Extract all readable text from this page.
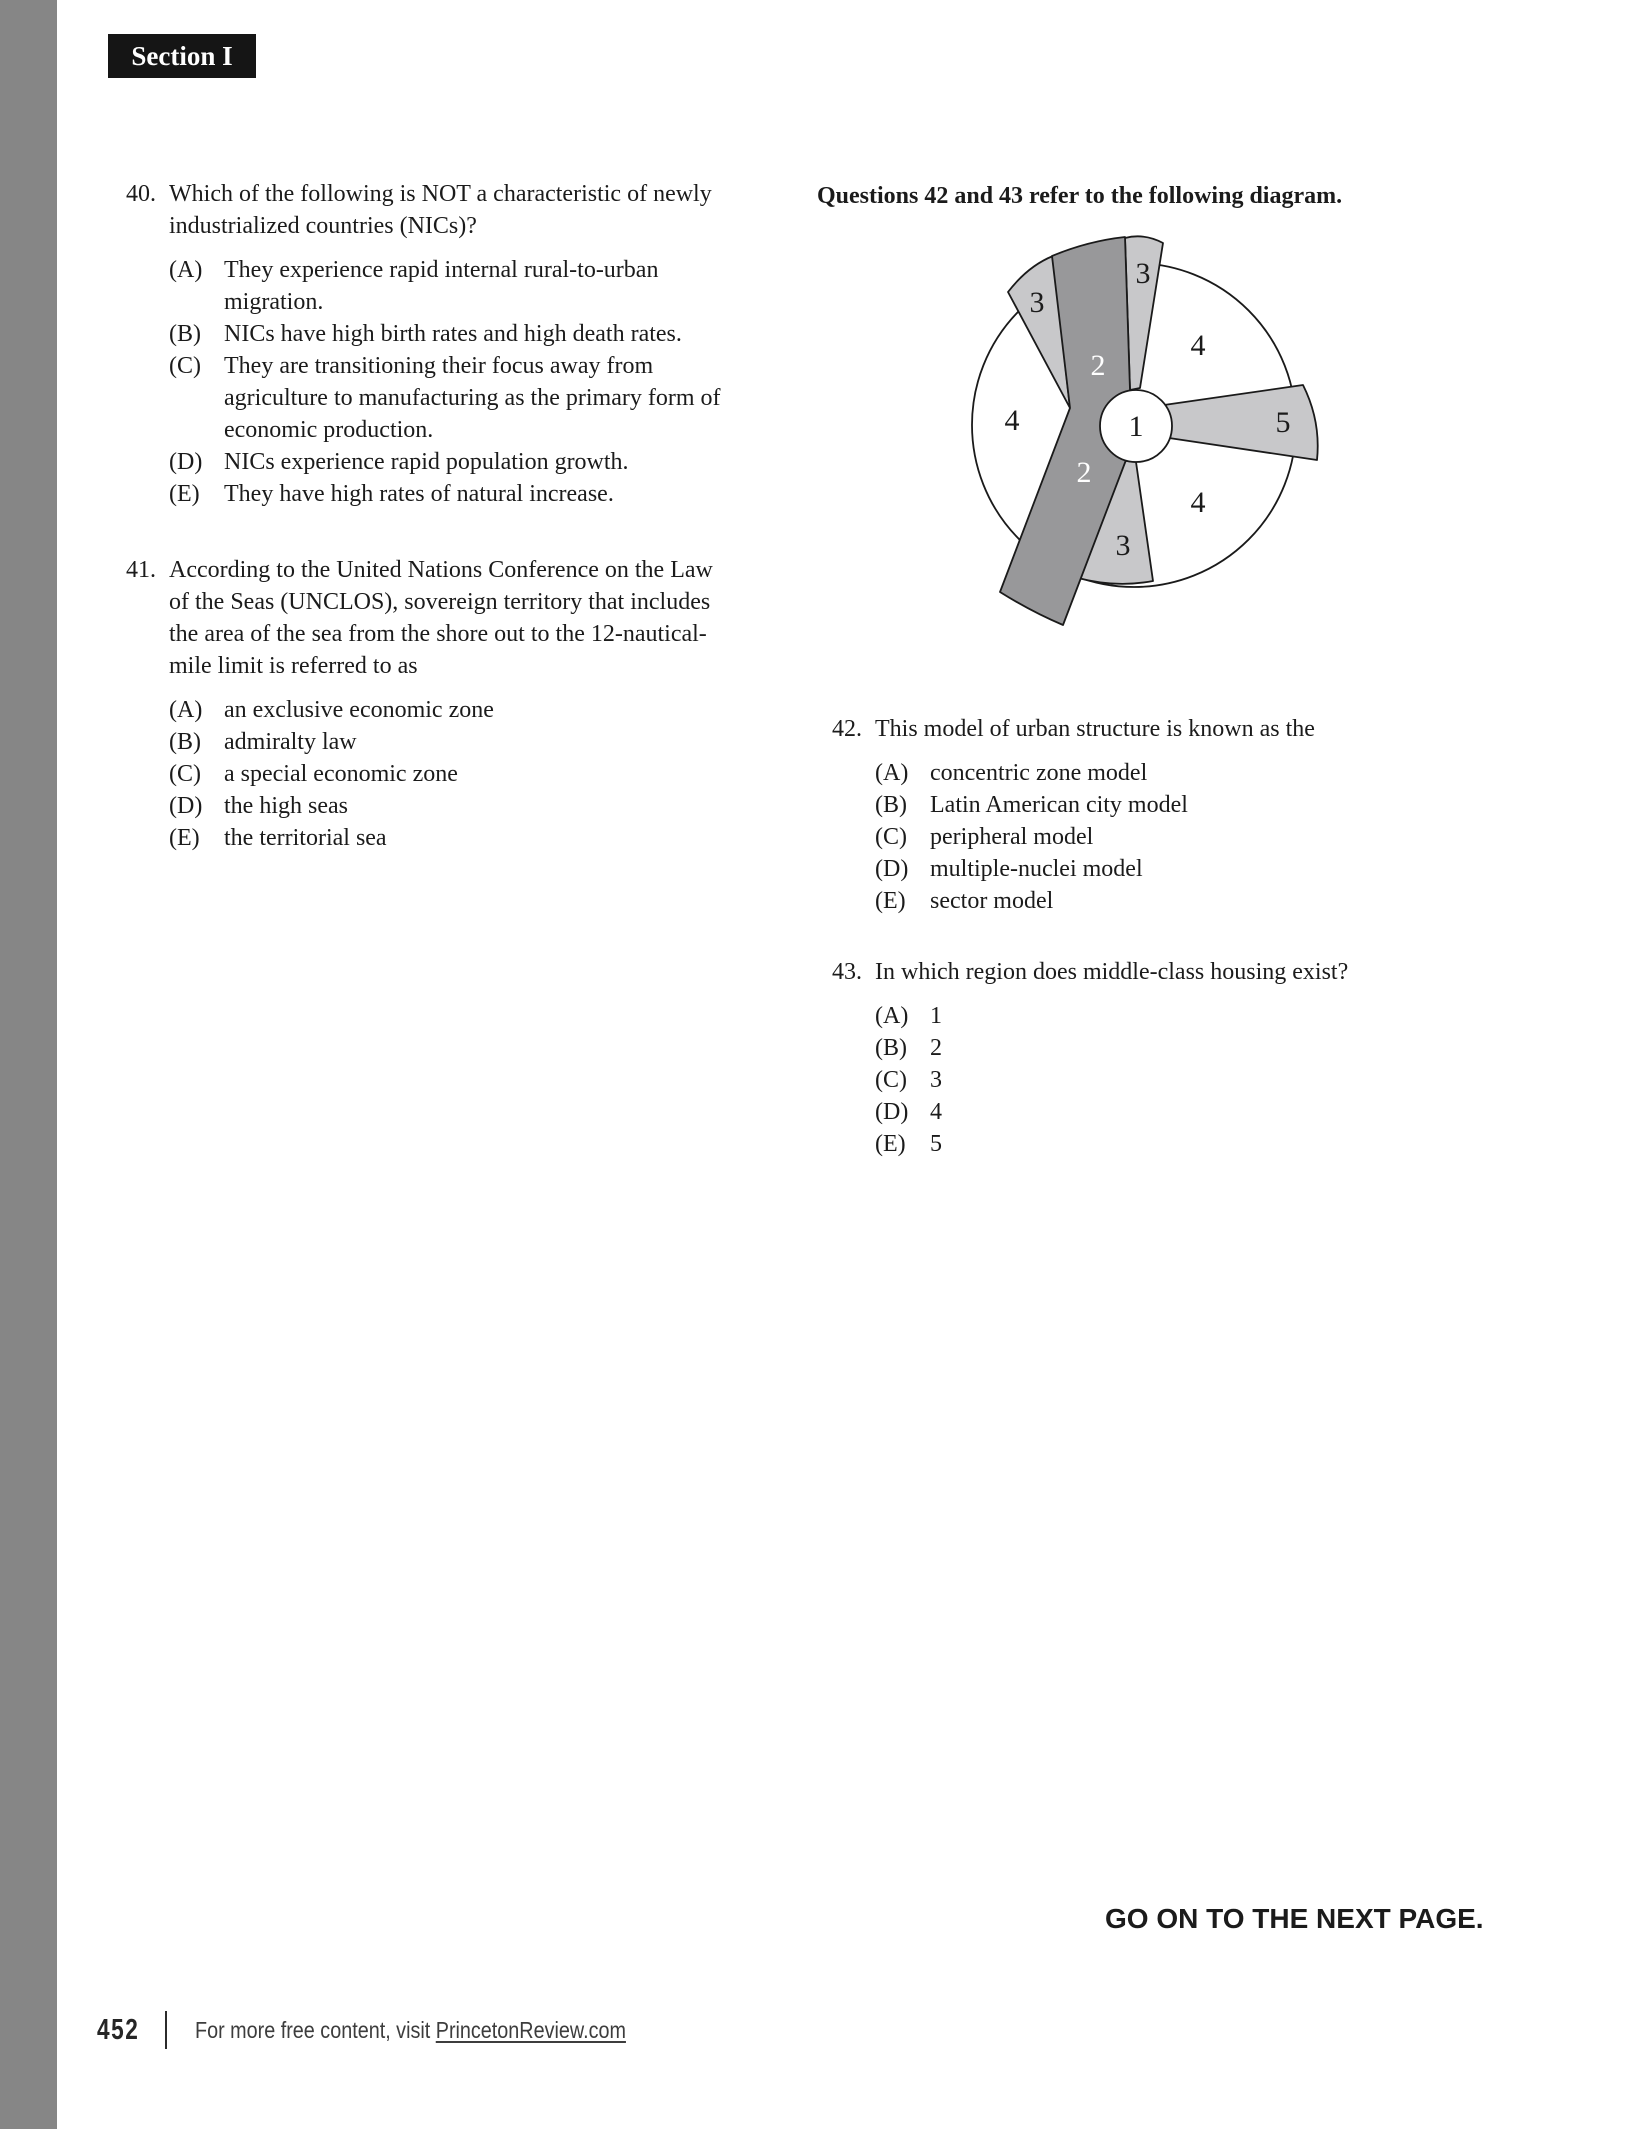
Section I
40. Which of the following is NOT a characteristic of newly
industrialized countries (NICs)?
(A) They experience rapid internal rural-to-urban
migration.
(B) NICs have high birth rates and high death rates.
(C) They are transitioning their focus away from
agriculture to manufacturing as the primary form of
economic production.
(D) NICs experience rapid population growth.
(E)	They have high rates of natural increase.
41. According to the United Nations Conference on the Law
of the Seas (UNCLOS), sovereign territory that includes
the area of the sea from the shore out to the 12-nautical-
mile limit is referred to as
(A) an exclusive economic zone
(B) admiralty law
(C) a special economic zone
(D) the high seas
(E)	the territorial sea
Questions 42 and 43 refer to the following diagram.
3
3
2
4
4	1	5
2
4
3
42. This model of urban structure is known as the
(A) concentric zone model
(B) Latin American city model
(C) peripheral model
(D) multiple-nuclei model
(E)	sector model
43. In which region does middle-class housing exist?
(A) 1
(B) 2
(C) 3
(D) 4
(E)	5
GO ON TO THE NEXT PAGE.
452 For more free content, visit PrincetonReview.com
